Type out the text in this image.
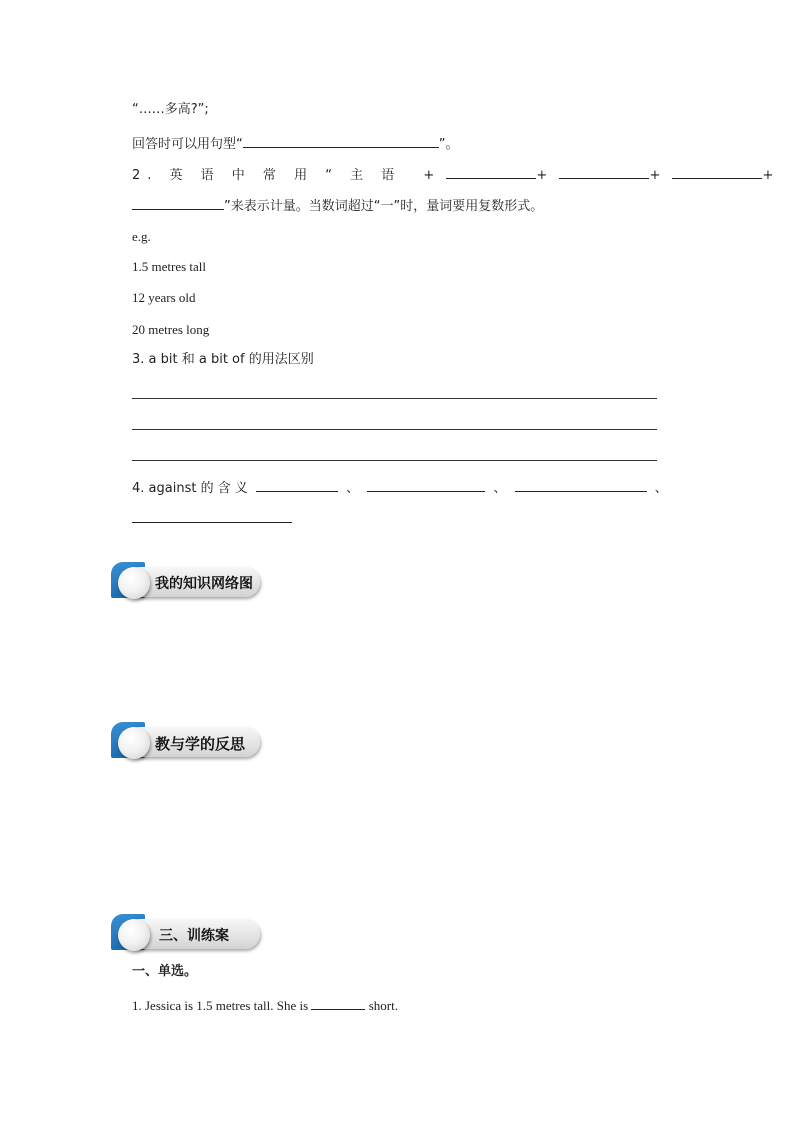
“……多高?”;
回答时可以用句型“	”。
2. 英 语 中 常 用 “ 主 语 +	+	+	+
”来表示计量。当数词超过“一”时，量词要用复数形式。
e.g.
1.5 metres tall
12 years old
20 metres long
3. a bit 和 a bit of 的用法区别
4. against 的 含 义	、	、	、
我的知识网络图
教与学的反思
三、训练案
一、单选。
1. Jessica is 1.5 metres tall. She is	short.
